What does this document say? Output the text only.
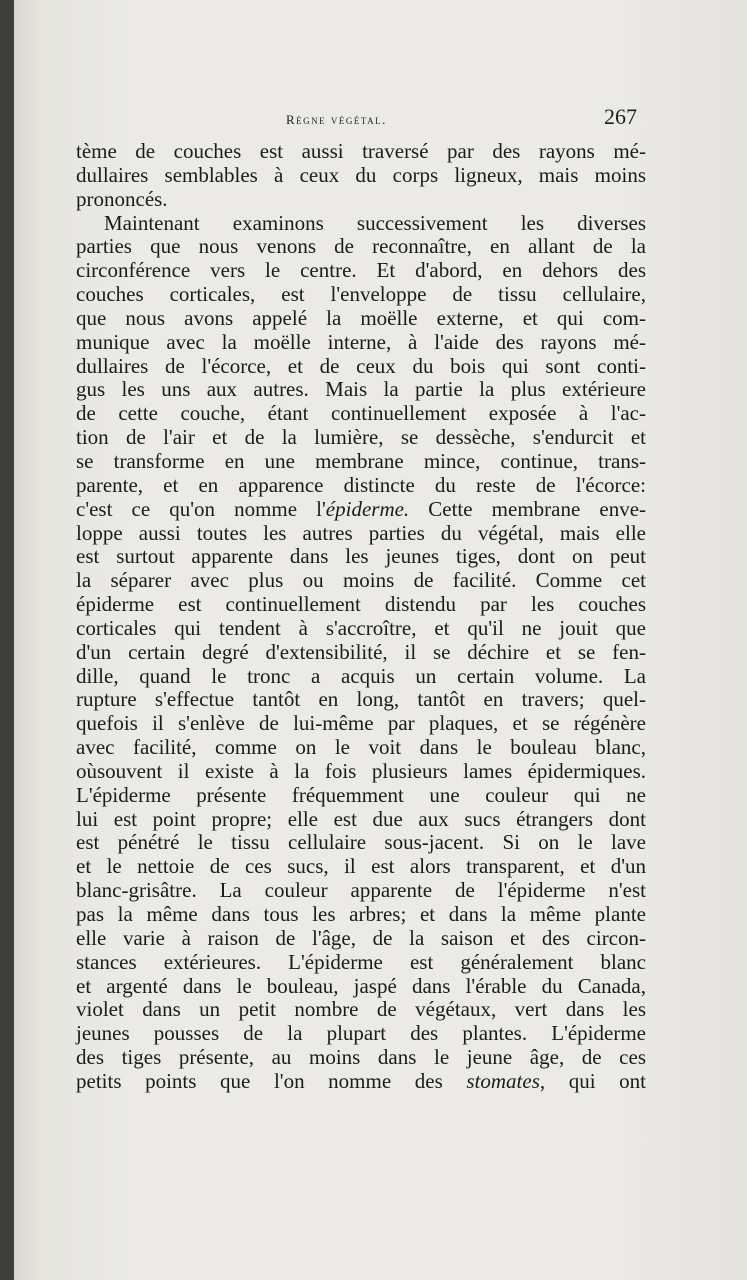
Règne végétal.	267
tème de couches est aussi traversé par des rayons mé-
dullaires semblables à ceux du corps ligneux, mais moins
prononcés.
Maintenant examinons successivement les diverses
parties que nous venons de reconnaître, en allant de la
circonférence vers le centre. Et d'abord, en dehors des
couches corticales, est l'enveloppe de tissu cellulaire,
que nous avons appelé la moëlle externe, et qui com-
munique avec la moëlle interne, à l'aide des rayons mé-
dullaires de l'écorce, et de ceux du bois qui sont conti-
gus les uns aux autres. Mais la partie la plus extérieure
de cette couche, étant continuellement exposée à l'ac-
tion de l'air et de la lumière, se dessèche, s'endurcit et
se transforme en une membrane mince, continue, trans-
parente, et en apparence distincte du reste de l'écorce:
c'est ce qu'on nomme l'épiderme. Cette membrane enve-
loppe aussi toutes les autres parties du végétal, mais elle
est surtout apparente dans les jeunes tiges, dont on peut
la séparer avec plus ou moins de facilité. Comme cet
épiderme est continuellement distendu par les couches
corticales qui tendent à s'accroître, et qu'il ne jouit que
d'un certain degré d'extensibilité, il se déchire et se fen-
dille, quand le tronc a acquis un certain volume. La
rupture s'effectue tantôt en long, tantôt en travers; quel-
quefois il s'enlève de lui-même par plaques, et se régénère
avec facilité, comme on le voit dans le bouleau blanc,
oùsouvent il existe à la fois plusieurs lames épidermiques.
L'épiderme présente fréquemment une couleur qui ne
lui est point propre; elle est due aux sucs étrangers dont
est pénétré le tissu cellulaire sous-jacent. Si on le lave
et le nettoie de ces sucs, il est alors transparent, et d'un
blanc-grisâtre. La couleur apparente de l'épiderme n'est
pas la même dans tous les arbres; et dans la même plante
elle varie à raison de l'âge, de la saison et des circon-
stances extérieures. L'épiderme est généralement blanc
et argenté dans le bouleau, jaspé dans l'érable du Canada,
violet dans un petit nombre de végétaux, vert dans les
jeunes pousses de la plupart des plantes. L'épiderme
des tiges présente, au moins dans le jeune âge, de ces
petits points que l'on nomme des stomates, qui ont
